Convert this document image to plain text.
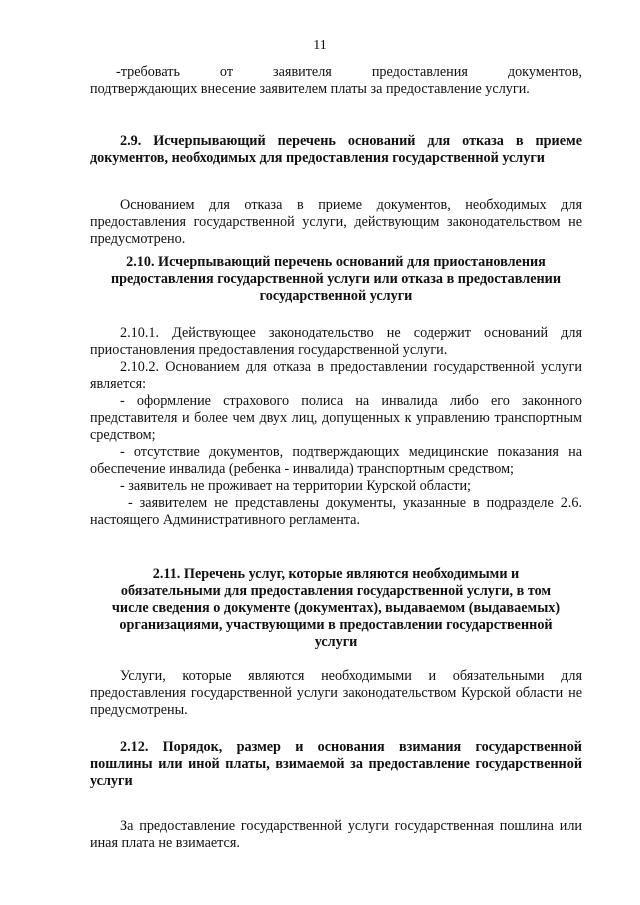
11

-требовать от заявителя предоставления документов,

подтверждающих внесение заявителем платы за предоставление услуги.

2.9. Исчерпывающий перечень оснований для отказа в приеме документов, необходимых для предоставления государственной услуги

Основанием для отказа в приеме документов, необходимых для предоставления государственной услуги, действующим законодательством не предусмотрено.

2.10. Исчерпывающий перечень оснований для приостановления предоставления государственной услуги или отказа в предоставлении государственной услуги

2.10.1. Действующее законодательство не содержит оснований для приостановления предоставления государственной услуги.

2.10.2. Основанием для отказа в предоставлении государственной услуги является:

- оформление страхового полиса на инвалида либо его законного представителя и более чем двух лиц, допущенных к управлению транспортным средством;

- отсутствие документов, подтверждающих медицинские показания на обеспечение инвалида (ребенка - инвалида) транспортным средством;

- заявитель не проживает на территории Курской области;

- заявителем не представлены документы, указанные в подразделе 2.6. настоящего Административного регламента.

2.11. Перечень услуг, которые являются необходимыми и обязательными для предоставления государственной услуги, в том числе сведения о документе (документах), выдаваемом (выдаваемых) организациями, участвующими в предоставлении государственной услуги

Услуги, которые являются необходимыми и обязательными для предоставления государственной услуги законодательством Курской области не предусмотрены.

2.12. Порядок, размер и основания взимания государственной пошлины или иной платы, взимаемой за предоставление государственной услуги

За предоставление государственной услуги государственная пошлина или иная плата не взимается.
